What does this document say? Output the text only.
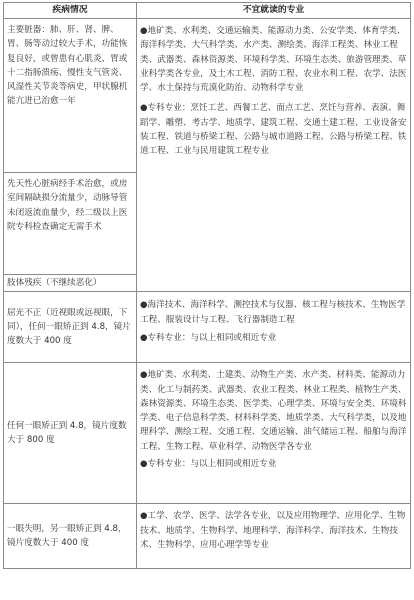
疾病情况	不宜就读的专业
主要脏器：肺、肝、肾、脾、胃、肠等动过较大手术，功能恢复良好，或曾患有心肌炎、胃或十二指肠溃疡、慢性支气管炎、风湿性关节炎等病史，甲状腺机能亢进已治愈一年	●地矿类、水利类、交通运输类、能源动力类、公安学类、体育学类、海洋科学类、大气科学类、水产类、测绘类、海洋工程类、林业工程类、武器类、森林资源类、环境科学类、环境生态类、旅游管理类、草业科学类各专业，及土木工程、消防工程、农业水利工程、农学、法医学、水土保持与荒漠化防治、动物科学专业
●专科专业：烹饪工艺、西餐工艺、面点工艺、烹饪与营养、表演、舞蹈学、雕塑、考古学、地质学、建筑工程、交通土建工程、工业设备安装工程、铁道与桥梁工程、公路与城市道路工程、公路与桥梁工程、铁道工程、工业与民用建筑工程专业

先天性心脏病经手术治愈，或房室间隔缺损分流量少，动脉导管未闭返流血量少，经二级以上医院专科检查确定无需手术	
肢体残疾（不继续恶化）	
屈光不正（近视眼或远视眼，下同），任何一眼矫正到 4.8，镜片度数大于 400 度	●海洋技术、海洋科学、测控技术与仪器、核工程与核技术、生物医学工程、服装设计与工程、飞行器制造工程
●专科专业：与以上相同或相近专业

任何一眼矫正到 4.8，镜片度数大于 800 度	●地矿类、水利类、土建类、动物生产类、水产类、材料类、能源动力类、化工与制药类、武器类、农业工程类、林业工程类、植物生产类、森林资源类、环境生态类、医学类、心理学类、环境与安全类、环境科学类、电子信息科学类、材料科学类、地质学类、大气科学类，以及地理科学、测绘工程、交通工程、交通运输、油气储运工程、船舶与海洋工程、生物工程、草业科学、动物医学各专业
●专科专业：与以上相同或相近专业

一眼失明，另一眼矫正到 4.8，镜片度数大于 400 度	●工学、农学、医学、法学各专业，以及应用物理学、应用化学、生物技术、地质学、生物科学、地理科学、海洋科学、海洋技术、生物技术、生物科学、应用心理学等专业
